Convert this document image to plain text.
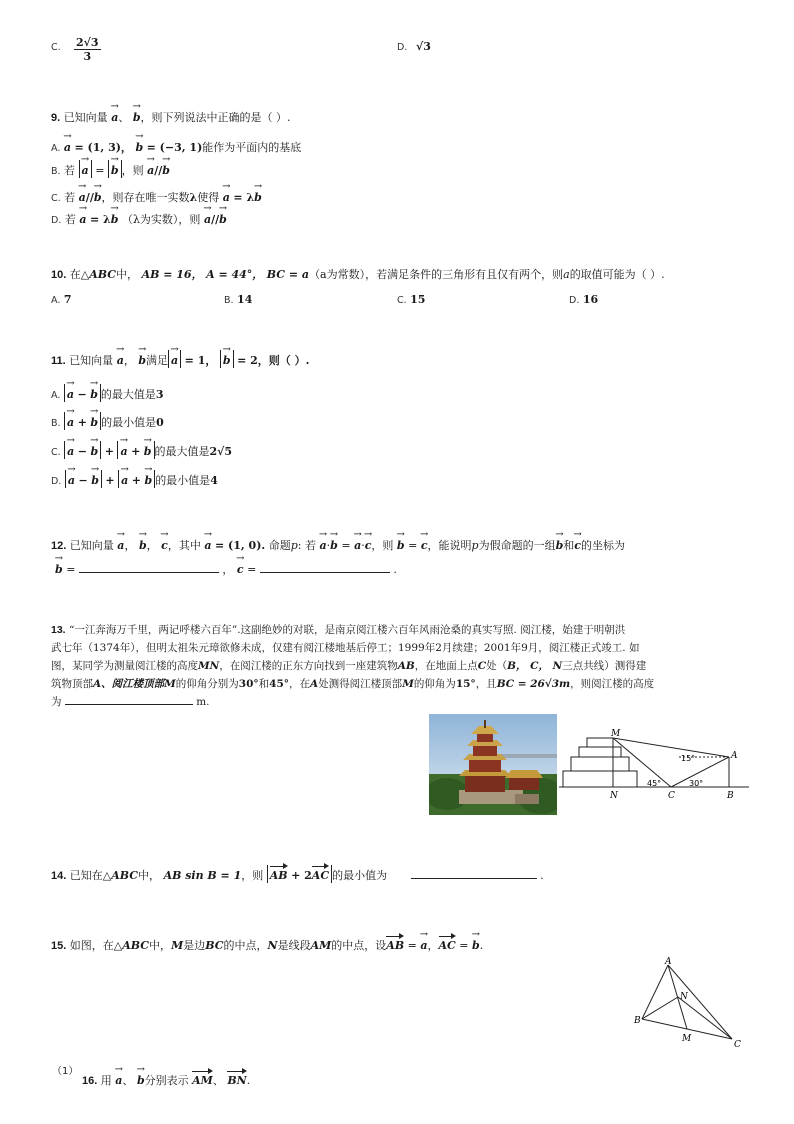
C. $\frac{2√3}{3}$	D. √3
9. 已知向量 → a、 → b，则下列说法中正确的是（ ）.
A. → a = (1, 3)， → b = (−3, 1)能作为平面内的基底
B. 若 → a = → b ，则 → a//→ b
C. 若 → a//→ b，则存在唯一实数λ使得 → a = λ→ b
D. 若 → a = λ→ b （λ为实数），则 → a//→ b
10. 在△ABC中， AB = 16， A = 44°， BC = a（a为常数），若满足条件的三角形有且仅有两个，则a的取值可能为（ ）.
A. 7	B. 14	C. 15	D. 16
11. 已知向量 → a， → b满足 → a = 1， → b = 2，则（ ）.
A. → a − → b 的最大值是3
B. → a + → b 的最小值是0
C. → a − → b + → a + → b 的最大值是2√5
D. → a − → b + → a + → b 的最小值是4
12. 已知向量 → a， → b， → c，其中 → a = (1, 0). 命题p: 若 → a·→ b = → a·→ c，则 → b = → c，能说明p为假命题的一组→ b和→ c的坐标为
→ b =	， → c =	.
13. “一江奔海万千里，两记呼楼六百年”.这副绝妙的对联，是南京阅江楼六百年风雨沧桑的真实写照. 阅江楼，始建于明朝洪
武七年（1374年），但明太祖朱元璋欲修未成，仅建有阅江楼地基后停工；1999年2月续建；2001年9月，阅江楼正式竣工. 如
图，某同学为测量阅江楼的高度MN，在阅江楼的正东方向找到一座建筑物AB，在地面上点C处（B， C， N三点共线）测得建
筑物顶部A、阅江楼顶部M的仰角分别为30°和45°，在A处测得阅江楼顶部M的仰角为15°，且BC = 26√3m，则阅江楼的高度
为	m.
M
A
N	C	B
45°	30°
15°
14. 已知在△ABC中， AB sin B = 1，则 AB + 2AC 的最小值为	.
15. 如图，在△ABC中，M是边BC的中点，N是线段AM的中点，设AB = → a，AC = → b.
A
B
C
M
N
（1）
16. 用 → a、 → b分别表示 AM、 BN.
